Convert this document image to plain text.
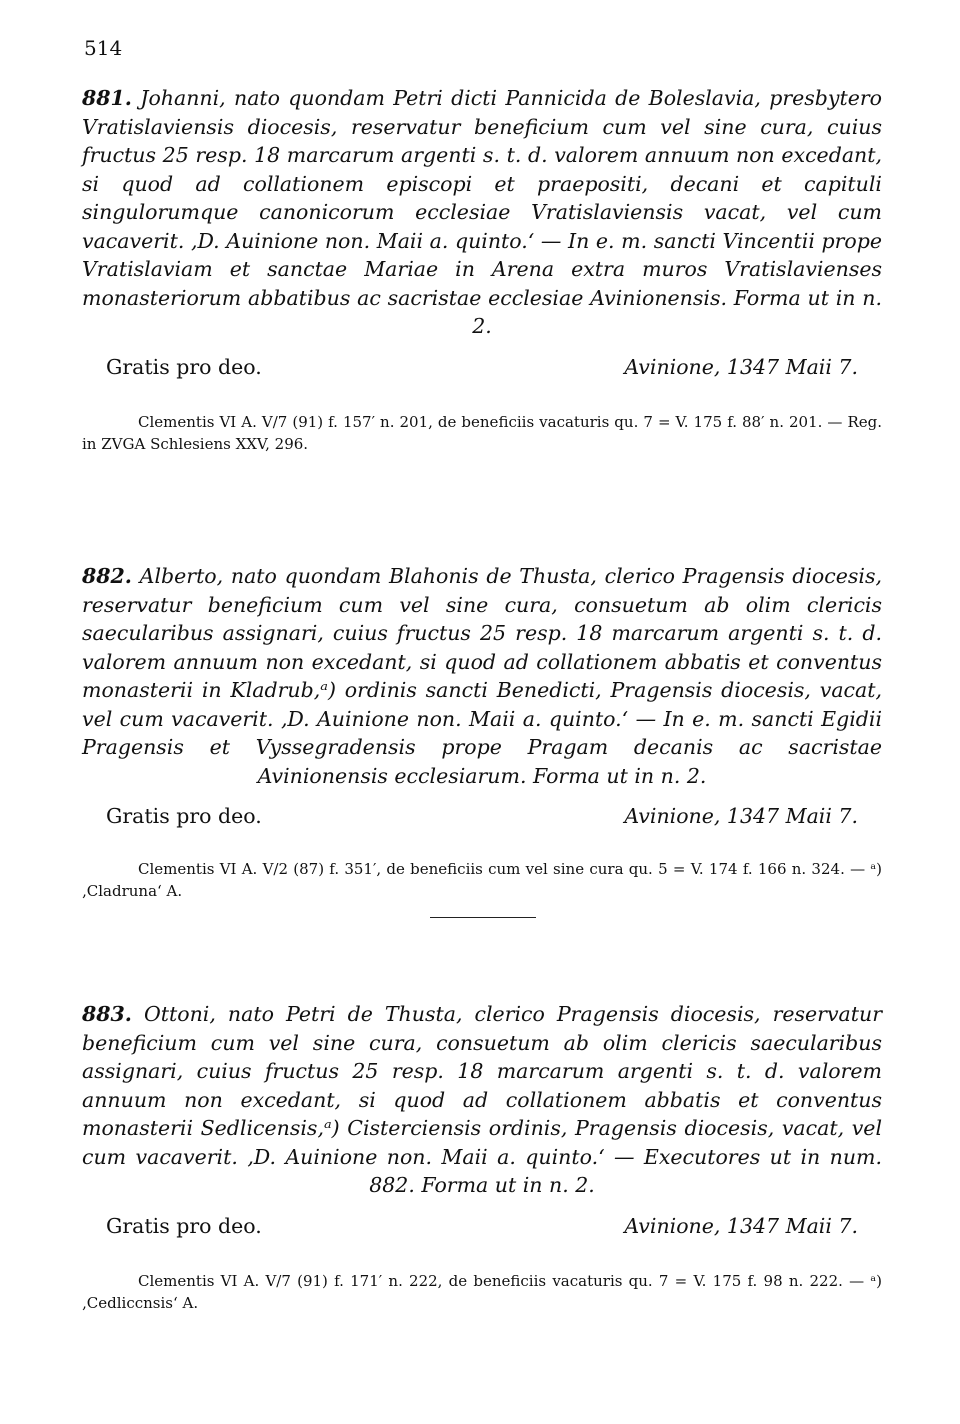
514

881. Johanni, nato quondam Petri dicti Pannicida de Boleslavia, presbytero Vratislaviensis diocesis, reservatur beneficium cum vel sine cura, cuius fructus 25 resp. 18 marcarum argenti s. t. d. valorem annuum non excedant, si quod ad collationem episcopi et praepositi, decani et capituli singulorumque canonicorum ecclesiae Vratislaviensis vacat, vel cum vacaverit. ‚D. Auinione non. Maii a. quinto.‘ — In e. m. sancti Vincentii prope Vratislaviam et sanctae Mariae in Arena extra muros Vratislavienses monasteriorum abbatibus ac sacristae ecclesiae Avinionensis. Forma ut in n. 2.

Gratis pro deo.	Avinione, 1347 Maii 7.

Clementis VI A. V/7 (91) f. 157′ n. 201, de beneficiis vacaturis qu. 7 = V. 175 f. 88′ n. 201. — Reg. in ZVGA Schlesiens XXV, 296.

882. Alberto, nato quondam Blahonis de Thusta, clerico Pragensis diocesis, reservatur beneficium cum vel sine cura, consuetum ab olim clericis saecularibus assignari, cuius fructus 25 resp. 18 marcarum argenti s. t. d. valorem annuum non excedant, si quod ad collationem abbatis et conventus monasterii in Kladrub,ᵃ) ordinis sancti Benedicti, Pragensis diocesis, vacat, vel cum vacaverit. ‚D. Auinione non. Maii a. quinto.‘ — In e. m. sancti Egidii Pragensis et Vyssegradensis prope Pragam decanis ac sacristae Avinionensis ecclesiarum. Forma ut in n. 2.

Gratis pro deo.	Avinione, 1347 Maii 7.

Clementis VI A. V/2 (87) f. 351′, de beneficiis cum vel sine cura qu. 5 = V. 174 f. 166 n. 324. — ᵃ) ‚Cladruna‘ A.

883. Ottoni, nato Petri de Thusta, clerico Pragensis diocesis, reservatur beneficium cum vel sine cura, consuetum ab olim clericis saecularibus assignari, cuius fructus 25 resp. 18 marcarum argenti s. t. d. valorem annuum non excedant, si quod ad collationem abbatis et conventus monasterii Sedlicensis,ᵃ) Cisterciensis ordinis, Pragensis diocesis, vacat, vel cum vacaverit. ‚D. Auinione non. Maii a. quinto.‘ — Executores ut in num. 882. Forma ut in n. 2.

Gratis pro deo.	Avinione, 1347 Maii 7.

Clementis VI A. V/7 (91) f. 171′ n. 222, de beneficiis vacaturis qu. 7 = V. 175 f. 98 n. 222. — ᵃ) ‚Cedliccnsis‘ A.
